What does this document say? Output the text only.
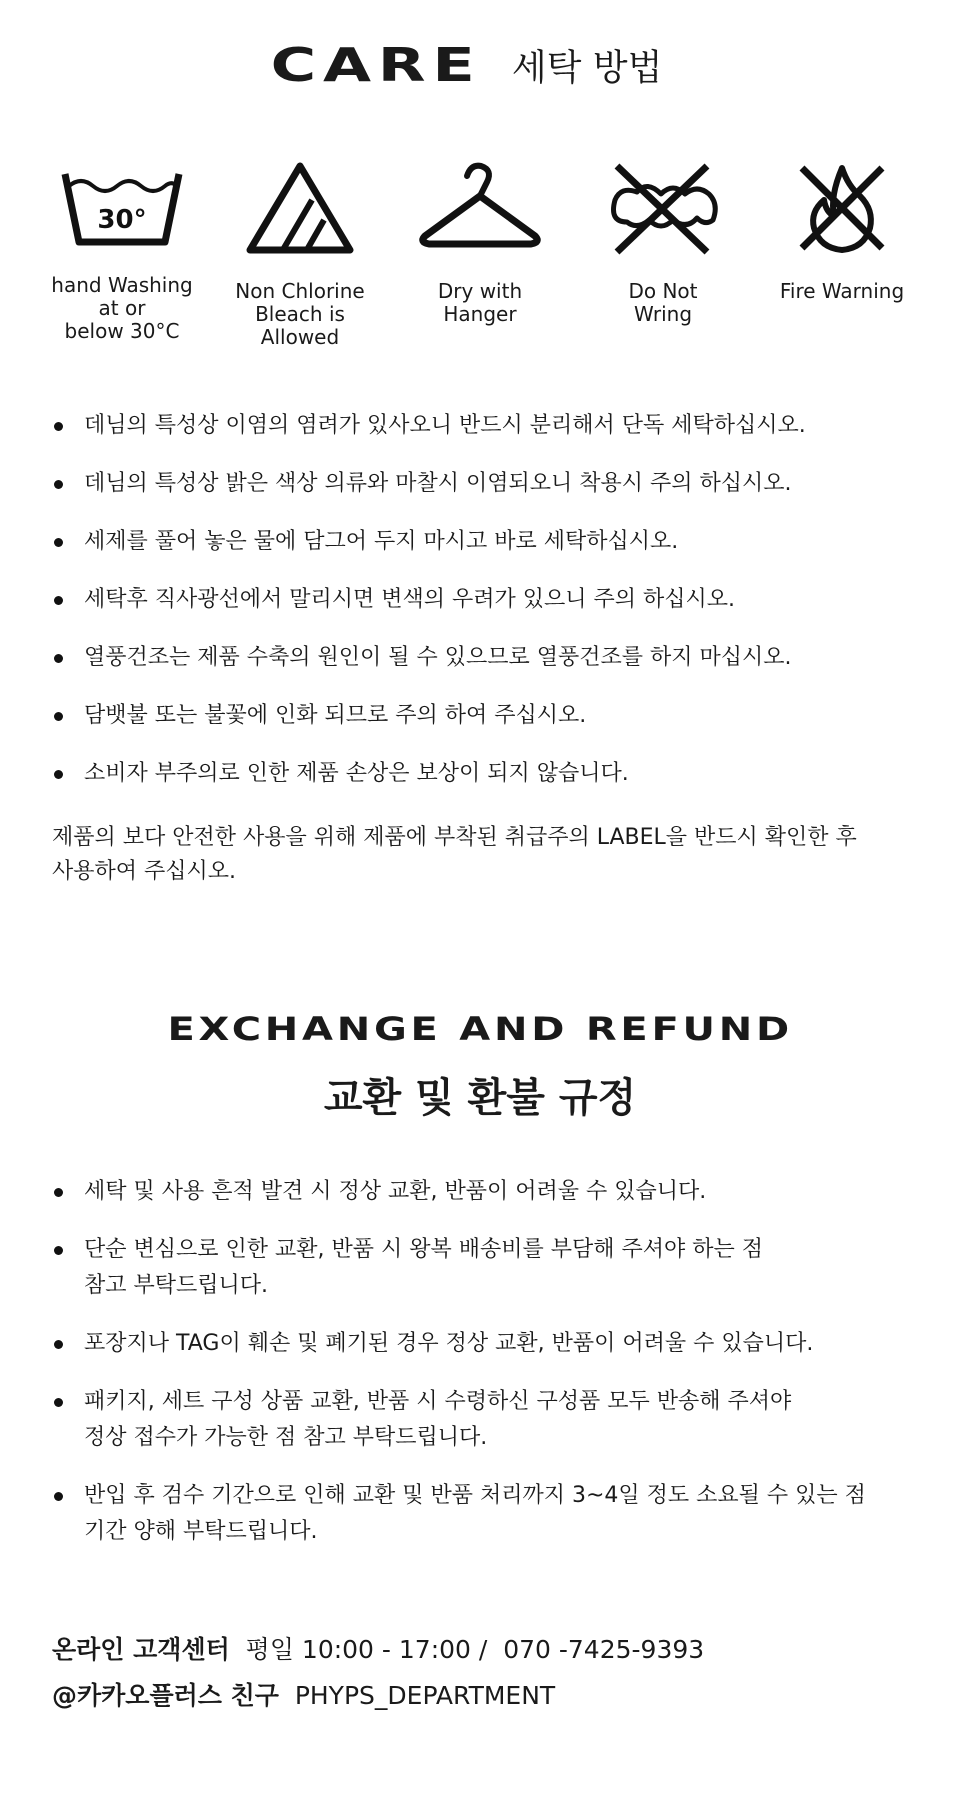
CARE 세탁 방법
30°
hand Washing
at or
below 30°C
Non Chlorine
Bleach is
Allowed
Dry with
Hanger
Do Not
Wring
Fire Warning
데님의 특성상 이염의 염려가 있사오니 반드시 분리해서 단독 세탁하십시오.
데님의 특성상 밝은 색상 의류와 마찰시 이염되오니 착용시 주의 하십시오.
세제를 풀어 놓은 물에 담그어 두지 마시고 바로 세탁하십시오.
세탁후 직사광선에서 말리시면 변색의 우려가 있으니 주의 하십시오.
열풍건조는 제품 수축의 원인이 될 수 있으므로 열풍건조를 하지 마십시오.
담뱃불 또는 불꽃에 인화 되므로 주의 하여 주십시오.
소비자 부주의로 인한 제품 손상은 보상이 되지 않습니다.
제품의 보다 안전한 사용을 위해 제품에 부착된 취급주의 LABEL을 반드시 확인한 후
사용하여 주십시오.
EXCHANGE AND REFUND
교환 및 환불 규정
세탁 및 사용 흔적 발견 시 정상 교환, 반품이 어려울 수 있습니다.
단순 변심으로 인한 교환, 반품 시 왕복 배송비를 부담해 주셔야 하는 점
참고 부탁드립니다.
포장지나 TAG이 훼손 및 폐기된 경우 정상 교환, 반품이 어려울 수 있습니다.
패키지, 세트 구성 상품 교환, 반품 시 수령하신 구성품 모두 반송해 주셔야
정상 접수가 가능한 점 참고 부탁드립니다.
반입 후 검수 기간으로 인해 교환 및 반품 처리까지 3~4일 정도 소요될 수 있는 점
기간 양해 부탁드립니다.
온라인 고객센터 평일 10:00 - 17:00 / 070 -7425-9393
@카카오플러스 친구 PHYPS_DEPARTMENT
